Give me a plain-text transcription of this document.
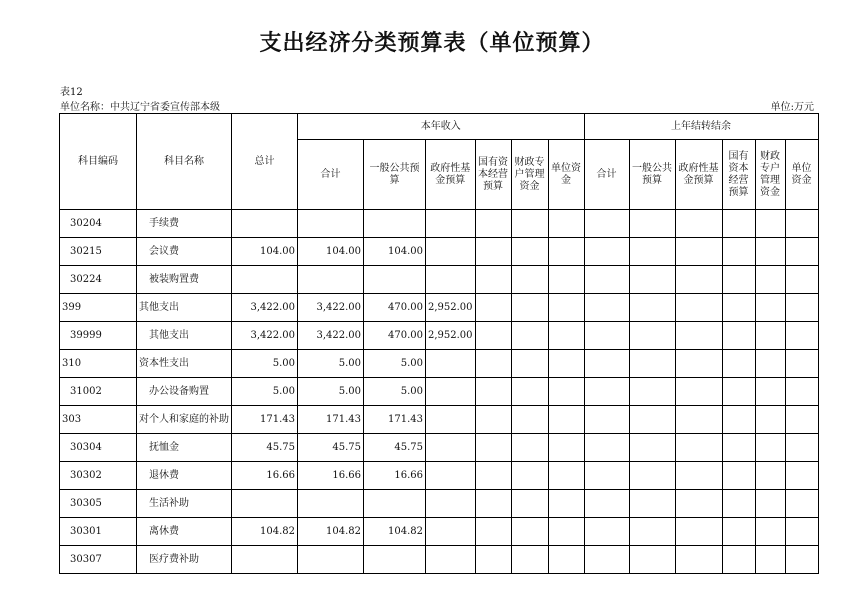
支出经济分类预算表（单位预算）
表12
单位名称：中共辽宁省委宣传部本级	单位:万元
科目编码	科目名称	总计	本年收入						上年结转结余					
			合计	一般公共预算	政府性基金预算	国有资本经营预算	财政专户管理资金	单位资金	合计	一般公共预算	政府性基金预算	国有资本经营预算	财政专户管理资金	单位资金
30204	手续费													
30215	会议费	104.00	104.00	104.00										
30224	被装购置费													
399	其他支出	3,422.00	3,422.00	470.00	2,952.00									
39999	其他支出	3,422.00	3,422.00	470.00	2,952.00									
310	资本性支出	5.00	5.00	5.00										
31002	办公设备购置	5.00	5.00	5.00										
303	对个人和家庭的补助	171.43	171.43	171.43										
30304	抚恤金	45.75	45.75	45.75										
30302	退休费	16.66	16.66	16.66										
30305	生活补助													
30301	离休费	104.82	104.82	104.82										
30307	医疗费补助													
